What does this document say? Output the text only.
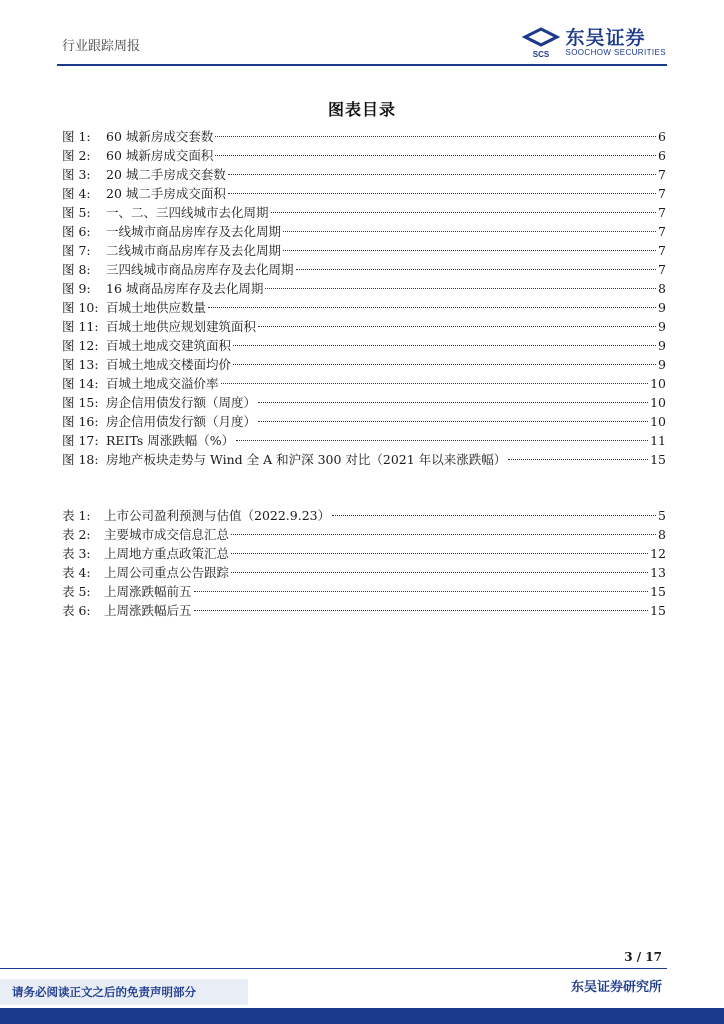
行业跟踪周报
SCS
东吴证券
SOOCHOW SECURITIES
图表目录
图 1:	60 城新房成交套数	6
图 2:	60 城新房成交面积	6
图 3:	20 城二手房成交套数	7
图 4:	20 城二手房成交面积	7
图 5:	一、二、三四线城市去化周期	7
图 6:	一线城市商品房库存及去化周期	7
图 7:	二线城市商品房库存及去化周期	7
图 8:	三四线城市商品房库存及去化周期	7
图 9:	16 城商品房库存及去化周期	8
图 10: 百城土地供应数量	9
图 11: 百城土地供应规划建筑面积	9
图 12: 百城土地成交建筑面积	9
图 13: 百城土地成交楼面均价	9
图 14: 百城土地成交溢价率	10
图 15: 房企信用债发行额（周度）	10
图 16: 房企信用债发行额（月度）	10
图 17: REITs 周涨跌幅（%）	11
图 18: 房地产板块走势与 Wind 全 A 和沪深 300 对比（2021 年以来涨跌幅）	15
表 1:	上市公司盈利预测与估值（2022.9.23）	5
表 2:	主要城市成交信息汇总	8
表 3:	上周地方重点政策汇总	12
表 4:	上周公司重点公告跟踪	13
表 5:	上周涨跌幅前五	15
表 6:	上周涨跌幅后五	15
3 / 17
请务必阅读正文之后的免责声明部分	东吴证券研究所
